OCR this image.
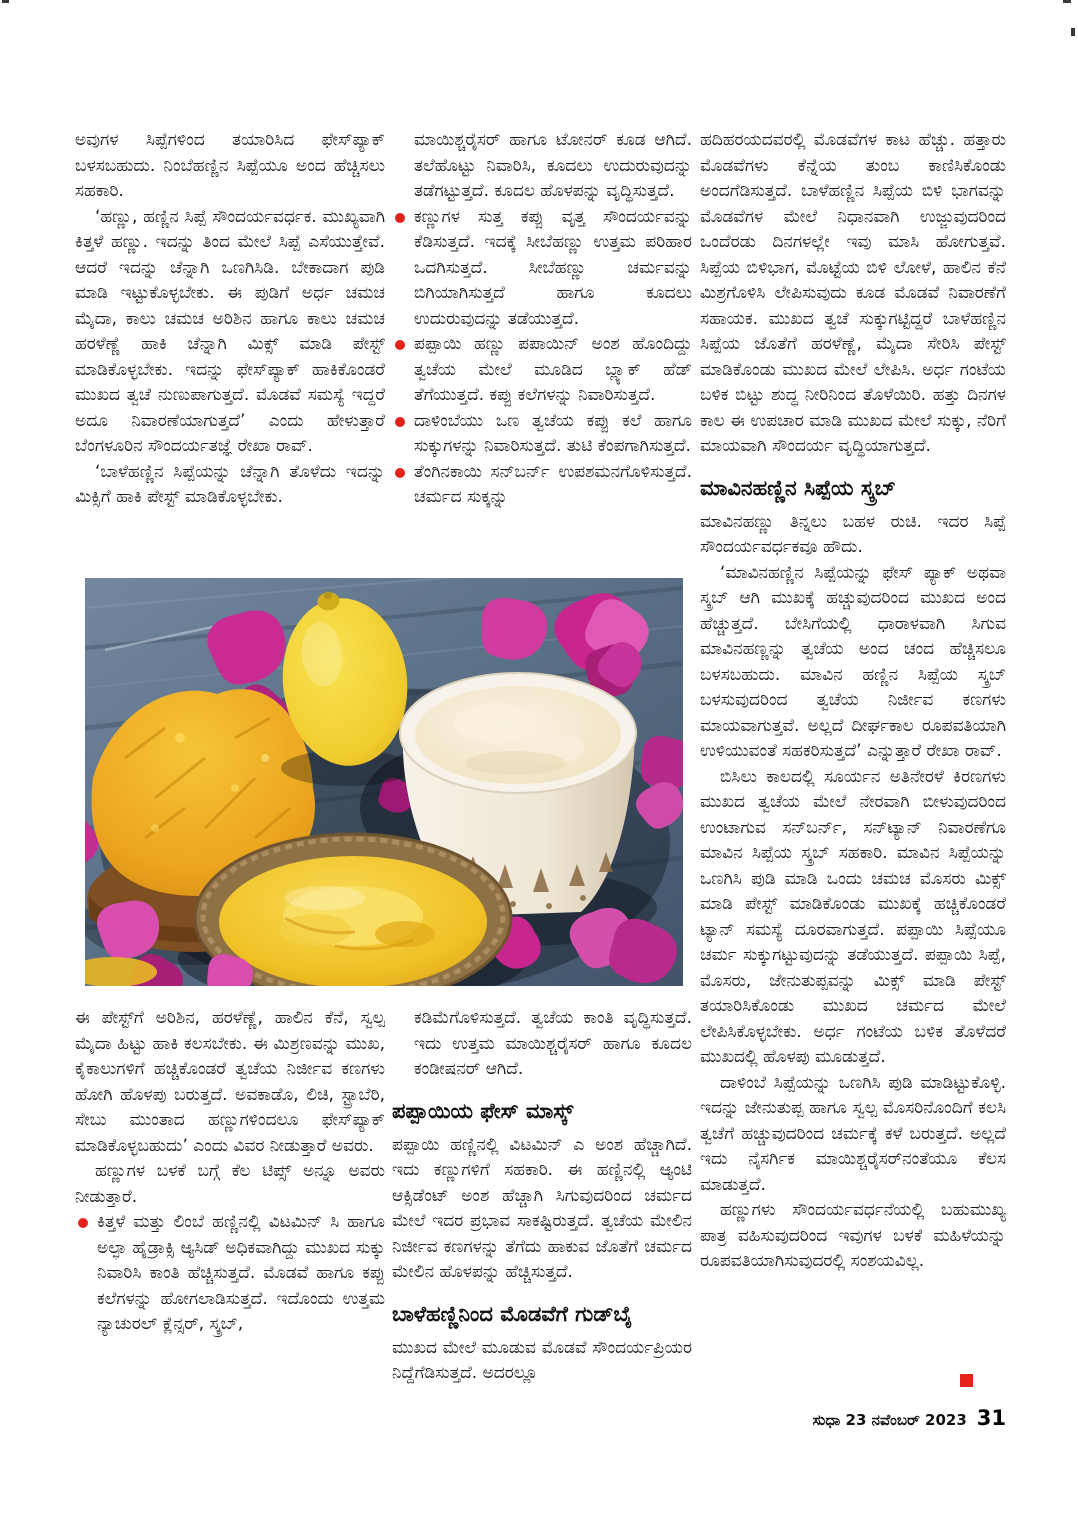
ಅವುಗಳ ಸಿಪ್ಪೆಗಳಿಂದ ತಯಾರಿಸಿದ ಫೇಸ್‌ಪ್ಯಾಕ್ ಬಳಸಬಹುದು. ನಿಂಬೆಹಣ್ಣಿನ ಸಿಪ್ಪೆಯೂ ಅಂದ ಹೆಚ್ಚಿಸಲು ಸಹಕಾರಿ.

‘ಹಣ್ಣು, ಹಣ್ಣಿನ ಸಿಪ್ಪೆ ಸೌಂದರ್ಯವರ್ಧಕ. ಮುಖ್ಯವಾಗಿ ಕಿತ್ತಳೆ ಹಣ್ಣು. ಇದನ್ನು ತಿಂದ ಮೇಲೆ ಸಿಪ್ಪೆ ಎಸೆಯುತ್ತೇವೆ. ಆದರೆ ಇದನ್ನು ಚೆನ್ನಾಗಿ ಒಣಗಿಸಿಡಿ. ಬೇಕಾದಾಗ ಪುಡಿ ಮಾಡಿ ಇಟ್ಟುಕೊಳ್ಳಬೇಕು. ಈ ಪುಡಿಗೆ ಅರ್ಧ ಚಮಚ ಮೈದಾ, ಕಾಲು ಚಮಚ ಅರಿಶಿನ ಹಾಗೂ ಕಾಲು ಚಮಚ ಹರಳೆಣ್ಣೆ ಹಾಕಿ ಚೆನ್ನಾಗಿ ಮಿಕ್ಸ್ ಮಾಡಿ ಪೇಸ್ಟ್ ಮಾಡಿಕೊಳ್ಳಬೇಕು. ಇದನ್ನು ಫೇಸ್‌ಪ್ಯಾಕ್ ಹಾಕಿಕೊಂಡರೆ ಮುಖದ ತ್ವಚೆ ನುಣುಪಾಗುತ್ತದೆ. ಮೊಡವೆ ಸಮಸ್ಯೆ ಇದ್ದರೆ ಅದೂ ನಿವಾರಣೆಯಾಗುತ್ತದೆ’ ಎಂದು ಹೇಳುತ್ತಾರೆ ಬೆಂಗಳೂರಿನ ಸೌಂದರ್ಯತಜ್ಞೆ ರೇಖಾ ರಾವ್.

‘ಬಾಳೆಹಣ್ಣಿನ ಸಿಪ್ಪೆಯನ್ನು ಚೆನ್ನಾಗಿ ತೊಳೆದು ಇದನ್ನು ಮಿಕ್ಸಿಗೆ ಹಾಕಿ ಪೇಸ್ಟ್ ಮಾಡಿಕೊಳ್ಳಬೇಕು.

ಮಾಯಿಶ್ಚರೈಸರ್ ಹಾಗೂ ಟೋನರ್ ಕೂಡ ಆಗಿದೆ. ತಲೆಹೊಟ್ಟು ನಿವಾರಿಸಿ, ಕೂದಲು ಉದುರುವುದನ್ನು ತಡೆಗಟ್ಟುತ್ತದೆ. ಕೂದಲ ಹೊಳಪನ್ನು ವೃದ್ಧಿಸುತ್ತದೆ.

ಕಣ್ಣುಗಳ ಸುತ್ತ ಕಪ್ಪು ವೃತ್ತ ಸೌಂದರ್ಯವನ್ನು ಕೆಡಿಸುತ್ತದೆ. ಇದಕ್ಕೆ ಸೀಬೆಹಣ್ಣು ಉತ್ತಮ ಪರಿಹಾರ ಒದಗಿಸುತ್ತದೆ. ಸೀಬೆಹಣ್ಣು ಚರ್ಮವನ್ನು ಬಿಗಿಯಾಗಿಸುತ್ತದೆ ಹಾಗೂ ಕೂದಲು ಉದುರುವುದನ್ನು ತಡೆಯುತ್ತದೆ.
ಪಪ್ಪಾಯಿ ಹಣ್ಣು ಪಪಾಯಿನ್ ಅಂಶ ಹೊಂದಿದ್ದು ತ್ವಚೆಯ ಮೇಲೆ ಮೂಡಿದ ಬ್ಲ್ಯಾಕ್ ಹೆಡ್ ತೆಗೆಯುತ್ತದೆ. ಕಪ್ಪು ಕಲೆಗಳನ್ನು ನಿವಾರಿಸುತ್ತದೆ.
ದಾಳಿಂಬೆಯು ಒಣ ತ್ವಚೆಯ ಕಪ್ಪು ಕಲೆ ಹಾಗೂ ಸುಕ್ಕುಗಳನ್ನು ನಿವಾರಿಸುತ್ತದೆ. ತುಟಿ ಕೆಂಪಗಾಗಿಸುತ್ತದೆ.
ತೆಂಗಿನಕಾಯಿ ಸನ್‌ಬರ್ನ್ ಉಪಶಮನಗೊಳಿಸುತ್ತದೆ. ಚರ್ಮದ ಸುಕ್ಕನ್ನು

ಹದಿಹರಯದವರಲ್ಲಿ ಮೊಡವೆಗಳ ಕಾಟ ಹೆಚ್ಚು. ಹತ್ತಾರು ಮೊಡವೆಗಳು ಕೆನ್ನೆಯ ತುಂಬ ಕಾಣಿಸಿಕೊಂಡು ಅಂದಗೆಡಿಸುತ್ತದೆ. ಬಾಳೆಹಣ್ಣಿನ ಸಿಪ್ಪೆಯ ಬಿಳಿ ಭಾಗವನ್ನು ಮೊಡವೆಗಳ ಮೇಲೆ ನಿಧಾನವಾಗಿ ಉಜ್ಜುವುದರಿಂದ ಒಂದೆರಡು ದಿನಗಳಲ್ಲೇ ಇವು ಮಾಸಿ ಹೋಗುತ್ತವೆ. ಸಿಪ್ಪೆಯ ಬಿಳಿಭಾಗ, ಮೊಟ್ಟೆಯ ಬಿಳಿ ಲೋಳೆ, ಹಾಲಿನ ಕೆನೆ ಮಿಶ್ರಗೊಳಿಸಿ ಲೇಪಿಸುವುದು ಕೂಡ ಮೊಡವೆ ನಿವಾರಣೆಗೆ ಸಹಾಯಕ. ಮುಖದ ತ್ವಚೆ ಸುಕ್ಕುಗಟ್ಟಿದ್ದರೆ ಬಾಳೆಹಣ್ಣಿನ ಸಿಪ್ಪೆಯ ಜೊತೆಗೆ ಹರಳೆಣ್ಣೆ, ಮೈದಾ ಸೇರಿಸಿ ಪೇಸ್ಟ್ ಮಾಡಿಕೊಂಡು ಮುಖದ ಮೇಲೆ ಲೇಪಿಸಿ. ಅರ್ಧ ಗಂಟೆಯ ಬಳಿಕ ಬಿಟ್ಟು ಶುದ್ಧ ನೀರಿನಿಂದ ತೊಳೆಯಿರಿ. ಹತ್ತು ದಿನಗಳ ಕಾಲ ಈ ಉಪಚಾರ ಮಾಡಿ ಮುಖದ ಮೇಲೆ ಸುಕ್ಕು, ನೆರಿಗೆ ಮಾಯವಾಗಿ ಸೌಂದರ್ಯ ವೃದ್ಧಿಯಾಗುತ್ತದೆ.

ಮಾವಿನಹಣ್ಣಿನ ಸಿಪ್ಪೆಯ ಸ್ಕ್ರಬ್

ಮಾವಿನಹಣ್ಣು ತಿನ್ನಲು ಬಹಳ ರುಚಿ. ಇದರ ಸಿಪ್ಪೆ ಸೌಂದರ್ಯವರ್ಧಕವೂ ಹೌದು.

‘ಮಾವಿನಹಣ್ಣಿನ ಸಿಪ್ಪೆಯನ್ನು ಫೇಸ್ ಪ್ಯಾಕ್ ಅಥವಾ ಸ್ಕ್ರಬ್ ಆಗಿ ಮುಖಕ್ಕೆ ಹಚ್ಚುವುದರಿಂದ ಮುಖದ ಅಂದ ಹೆಚ್ಚುತ್ತದೆ. ಬೇಸಿಗೆಯಲ್ಲಿ ಧಾರಾಳವಾಗಿ ಸಿಗುವ ಮಾವಿನಹಣ್ಣನ್ನು ತ್ವಚೆಯ ಅಂದ ಚಂದ ಹೆಚ್ಚಿಸಲೂ ಬಳಸಬಹುದು. ಮಾವಿನ ಹಣ್ಣಿನ ಸಿಪ್ಪೆಯ ಸ್ಕ್ರಬ್ ಬಳಸುವುದರಿಂದ ತ್ವಚೆಯ ನಿರ್ಜೀವ ಕಣಗಳು ಮಾಯವಾಗುತ್ತವೆ. ಅಲ್ಲದೆ ದೀರ್ಘಕಾಲ ರೂಪವತಿಯಾಗಿ ಉಳಿಯುವಂತೆ ಸಹಕರಿಸುತ್ತದೆ’ ಎನ್ನುತ್ತಾರೆ ರೇಖಾ ರಾವ್.

ಬಿಸಿಲು ಕಾಲದಲ್ಲಿ ಸೂರ್ಯನ ಅತಿನೇರಳೆ ಕಿರಣಗಳು ಮುಖದ ತ್ವಚೆಯ ಮೇಲೆ ನೇರವಾಗಿ ಬೀಳುವುದರಿಂದ ಉಂಟಾಗುವ ಸನ್‌ಬರ್ನ್, ಸನ್‌ಟ್ಯಾನ್ ನಿವಾರಣೆಗೂ ಮಾವಿನ ಸಿಪ್ಪೆಯ ಸ್ಕ್ರಬ್ ಸಹಕಾರಿ. ಮಾವಿನ ಸಿಪ್ಪೆಯನ್ನು ಒಣಗಿಸಿ ಪುಡಿ ಮಾಡಿ ಒಂದು ಚಮಚ ಮೊಸರು ಮಿಕ್ಸ್ ಮಾಡಿ ಪೇಸ್ಟ್ ಮಾಡಿಕೊಂಡು ಮುಖಕ್ಕೆ ಹಚ್ಚಿಕೊಂಡರೆ ಟ್ಯಾನ್ ಸಮಸ್ಯೆ ದೂರವಾಗುತ್ತದೆ. ಪಪ್ಪಾಯಿ ಸಿಪ್ಪೆಯೂ ಚರ್ಮ ಸುಕ್ಕುಗಟ್ಟುವುದನ್ನು ತಡೆಯುತ್ತದೆ. ಪಪ್ಪಾಯಿ ಸಿಪ್ಪೆ, ಮೊಸರು, ಜೇನುತುಪ್ಪವನ್ನು ಮಿಕ್ಸ್ ಮಾಡಿ ಪೇಸ್ಟ್ ತಯಾರಿಸಿಕೊಂಡು ಮುಖದ ಚರ್ಮದ ಮೇಲೆ ಲೇಪಿಸಿಕೊಳ್ಳಬೇಕು. ಅರ್ಧ ಗಂಟೆಯ ಬಳಿಕ ತೊಳೆದರೆ ಮುಖದಲ್ಲಿ ಹೊಳಪು ಮೂಡುತ್ತದೆ.

ದಾಳಿಂಬೆ ಸಿಪ್ಪೆಯನ್ನು ಒಣಗಿಸಿ ಪುಡಿ ಮಾಡಿಟ್ಟುಕೊಳ್ಳಿ. ಇದನ್ನು ಜೇನುತುಪ್ಪ ಹಾಗೂ ಸ್ವಲ್ಪ ಮೊಸರಿನೊಂದಿಗೆ ಕಲಸಿ ತ್ವಚೆಗೆ ಹಚ್ಚುವುದರಿಂದ ಚರ್ಮಕ್ಕೆ ಕಳೆ ಬರುತ್ತದೆ. ಅಲ್ಲದೆ ಇದು ನೈಸರ್ಗಿಕ ಮಾಯಿಶ್ಚರೈಸರ್‌ನಂತೆಯೂ ಕೆಲಸ ಮಾಡುತ್ತದೆ.

ಹಣ್ಣುಗಳು ಸೌಂದರ್ಯವರ್ಧನೆಯಲ್ಲಿ ಬಹುಮುಖ್ಯ ಪಾತ್ರ ವಹಿಸುವುದರಿಂದ ಇವುಗಳ ಬಳಕೆ ಮಹಿಳೆಯನ್ನು ರೂಪವತಿಯಾಗಿಸುವುದರಲ್ಲಿ ಸಂಶಯವಿಲ್ಲ.

ಈ ಪೇಸ್ಟ್‌ಗೆ ಅರಿಶಿನ, ಹರಳೆಣ್ಣೆ, ಹಾಲಿನ ಕೆನೆ, ಸ್ವಲ್ಪ ಮೈದಾ ಹಿಟ್ಟು ಹಾಕಿ ಕಲಸಬೇಕು. ಈ ಮಿಶ್ರಣವನ್ನು ಮುಖ, ಕೈಕಾಲುಗಳಿಗೆ ಹಚ್ಚಿಕೊಂಡರೆ ತ್ವಚೆಯ ನಿರ್ಜೀವ ಕಣಗಳು ಹೋಗಿ ಹೊಳಪು ಬರುತ್ತದೆ. ಅವಕಾಡೊ, ಲಿಚಿ, ಸ್ಟ್ರಾಬೆರಿ, ಸೇಬು ಮುಂತಾದ ಹಣ್ಣುಗಳಿಂದಲೂ ಫೇಸ್‌ಪ್ಯಾಕ್ ಮಾಡಿಕೊಳ್ಳಬಹುದು’ ಎಂದು ವಿವರ ನೀಡುತ್ತಾರೆ ಅವರು.

ಹಣ್ಣುಗಳ ಬಳಕೆ ಬಗ್ಗೆ ಕೆಲ ಟಿಪ್ಸ್ ಅನ್ನೂ ಅವರು ನೀಡುತ್ತಾರೆ.

ಕಿತ್ತಳೆ ಮತ್ತು ಲಿಂಬೆ ಹಣ್ಣಿನಲ್ಲಿ ವಿಟಮಿನ್ ಸಿ ಹಾಗೂ ಅಲ್ಫಾ ಹೈಡ್ರಾಕ್ಸಿ ಆ್ಯಸಿಡ್ ಅಧಿಕವಾಗಿದ್ದು ಮುಖದ ಸುಕ್ಕು ನಿವಾರಿಸಿ ಕಾಂತಿ ಹೆಚ್ಚಿಸುತ್ತದೆ. ಮೊಡವೆ ಹಾಗೂ ಕಪ್ಪು ಕಲೆಗಳನ್ನು ಹೋಗಲಾಡಿಸುತ್ತದೆ. ಇದೊಂದು ಉತ್ತಮ ನ್ಯಾಚುರಲ್ ಕ್ಲೆನ್ಸರ್, ಸ್ಕ್ರಬ್,

ಕಡಿಮೆಗೊಳಿಸುತ್ತದೆ. ತ್ವಚೆಯ ಕಾಂತಿ ವೃದ್ಧಿಸುತ್ತದೆ. ಇದು ಉತ್ತಮ ಮಾಯಿಶ್ಚರೈಸರ್ ಹಾಗೂ ಕೂದಲ ಕಂಡೀಷನರ್ ಆಗಿದೆ.

ಪಪ್ಪಾಯಿಯ ಫೇಸ್ ಮಾಸ್ಕ್

ಪಪ್ಪಾಯಿ ಹಣ್ಣಿನಲ್ಲಿ ವಿಟಮಿನ್ ಎ ಅಂಶ ಹೆಚ್ಚಾಗಿದೆ. ಇದು ಕಣ್ಣುಗಳಿಗೆ ಸಹಕಾರಿ. ಈ ಹಣ್ಣಿನಲ್ಲಿ ಆ್ಯಂಟಿ ಆಕ್ಸಿಡೆಂಟ್ ಅಂಶ ಹೆಚ್ಚಾಗಿ ಸಿಗುವುದರಿಂದ ಚರ್ಮದ ಮೇಲೆ ಇದರ ಪ್ರಭಾವ ಸಾಕಷ್ಟಿರುತ್ತದೆ. ತ್ವಚೆಯ ಮೇಲಿನ ನಿರ್ಜೀವ ಕಣಗಳನ್ನು ತೆಗೆದು ಹಾಕುವ ಜೊತೆಗೆ ಚರ್ಮದ ಮೇಲಿನ ಹೊಳಪನ್ನು ಹೆಚ್ಚಿಸುತ್ತದೆ.

ಬಾಳೆಹಣ್ಣಿನಿಂದ ಮೊಡವೆಗೆ ಗುಡ್‌ಬೈ

ಮುಖದ ಮೇಲೆ ಮೂಡುವ ಮೊಡವೆ ಸೌಂದರ್ಯಪ್ರಿಯರ ನಿದ್ದೆಗೆಡಿಸುತ್ತದೆ. ಅದರಲ್ಲೂ

ಸುಧಾ 23 ನವೆಂಬರ್ 2023 31
